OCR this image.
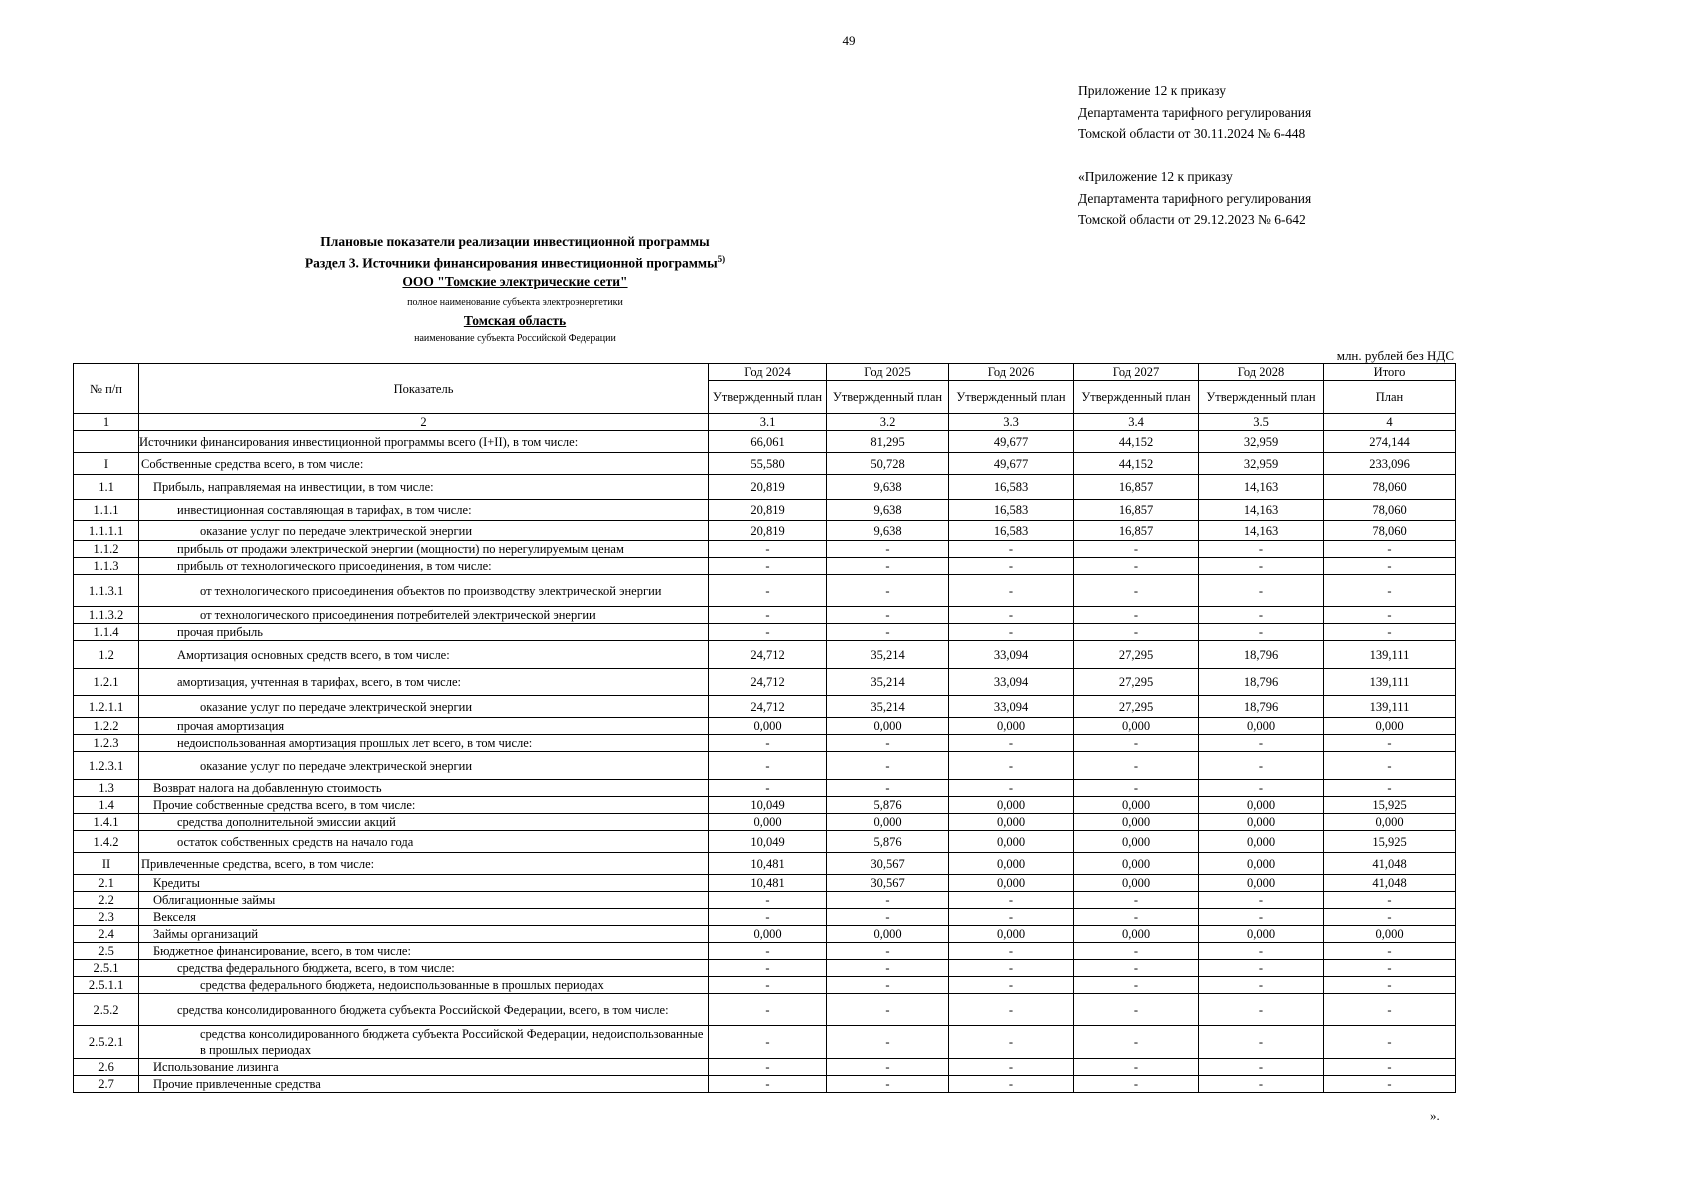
49
Приложение 12 к приказу
Департамента тарифного регулирования
Томской области от 30.11.2024 № 6-448
«Приложение 12 к приказу
Департамента тарифного регулирования
Томской области от 29.12.2023 № 6-642
Плановые показатели реализации инвестиционной программы
Раздел 3. Источники финансирования инвестиционной программы$^{5)}$
ООО "Томские электрические сети"
полное наименование субъекта электроэнергетики
Томская область
наименование субъекта Российской Федерации
млн. рублей без НДС
№ п/п	Показатель	Год 2024	Год 2025	Год 2026	Год 2027	Год 2028	Итого
		Утвержденный план	Утвержденный план	Утвержденный план	Утвержденный план	Утвержденный план	План
1	2	3.1	3.2	3.3	3.4	3.5	4
	Источники финансирования инвестиционной программы всего (I+II), в том числе:	66,061	81,295	49,677	44,152	32,959	274,144
I	Собственные средства всего, в том числе:	55,580	50,728	49,677	44,152	32,959	233,096
1.1	Прибыль, направляемая на инвестиции, в том числе:	20,819	9,638	16,583	16,857	14,163	78,060
1.1.1	инвестиционная составляющая в тарифах, в том числе:	20,819	9,638	16,583	16,857	14,163	78,060
1.1.1.1	оказание услуг по передаче электрической энергии	20,819	9,638	16,583	16,857	14,163	78,060
1.1.2	прибыль от продажи электрической энергии (мощности) по нерегулируемым ценам	-	-	-	-	-	-
1.1.3	прибыль от технологического присоединения, в том числе:	-	-	-	-	-	-
1.1.3.1	от технологического присоединения объектов по производству электрической энергии	-	-	-	-	-	-
1.1.3.2	от технологического присоединения потребителей электрической энергии	-	-	-	-	-	-
1.1.4	прочая прибыль	-	-	-	-	-	-
1.2	Амортизация основных средств всего, в том числе:	24,712	35,214	33,094	27,295	18,796	139,111
1.2.1	амортизация, учтенная в тарифах, всего, в том числе:	24,712	35,214	33,094	27,295	18,796	139,111
1.2.1.1	оказание услуг по передаче электрической энергии	24,712	35,214	33,094	27,295	18,796	139,111
1.2.2	прочая амортизация	0,000	0,000	0,000	0,000	0,000	0,000
1.2.3	недоиспользованная амортизация прошлых лет всего, в том числе:	-	-	-	-	-	-
1.2.3.1	оказание услуг по передаче электрической энергии	-	-	-	-	-	-
1.3	Возврат налога на добавленную стоимость	-	-	-	-	-	-
1.4	Прочие собственные средства всего, в том числе:	10,049	5,876	0,000	0,000	0,000	15,925
1.4.1	средства дополнительной эмиссии акций	0,000	0,000	0,000	0,000	0,000	0,000
1.4.2	остаток собственных средств на начало года	10,049	5,876	0,000	0,000	0,000	15,925
II	Привлеченные средства, всего, в том числе:	10,481	30,567	0,000	0,000	0,000	41,048
2.1	Кредиты	10,481	30,567	0,000	0,000	0,000	41,048
2.2	Облигационные займы	-	-	-	-	-	-
2.3	Векселя	-	-	-	-	-	-
2.4	Займы организаций	0,000	0,000	0,000	0,000	0,000	0,000
2.5	Бюджетное финансирование, всего, в том числе:	-	-	-	-	-	-
2.5.1	средства федерального бюджета, всего, в том числе:	-	-	-	-	-	-
2.5.1.1	средства федерального бюджета, недоиспользованные в прошлых периодах	-	-	-	-	-	-
2.5.2	средства консолидированного бюджета субъекта Российской Федерации, всего, в том числе:	-	-	-	-	-	-
2.5.2.1	средства консолидированного бюджета субъекта Российской Федерации, недоиспользованные в прошлых периодах	-	-	-	-	-	-
2.6	Использование лизинга	-	-	-	-	-	-
2.7	Прочие привлеченные средства	-	-	-	-	-	-
».
